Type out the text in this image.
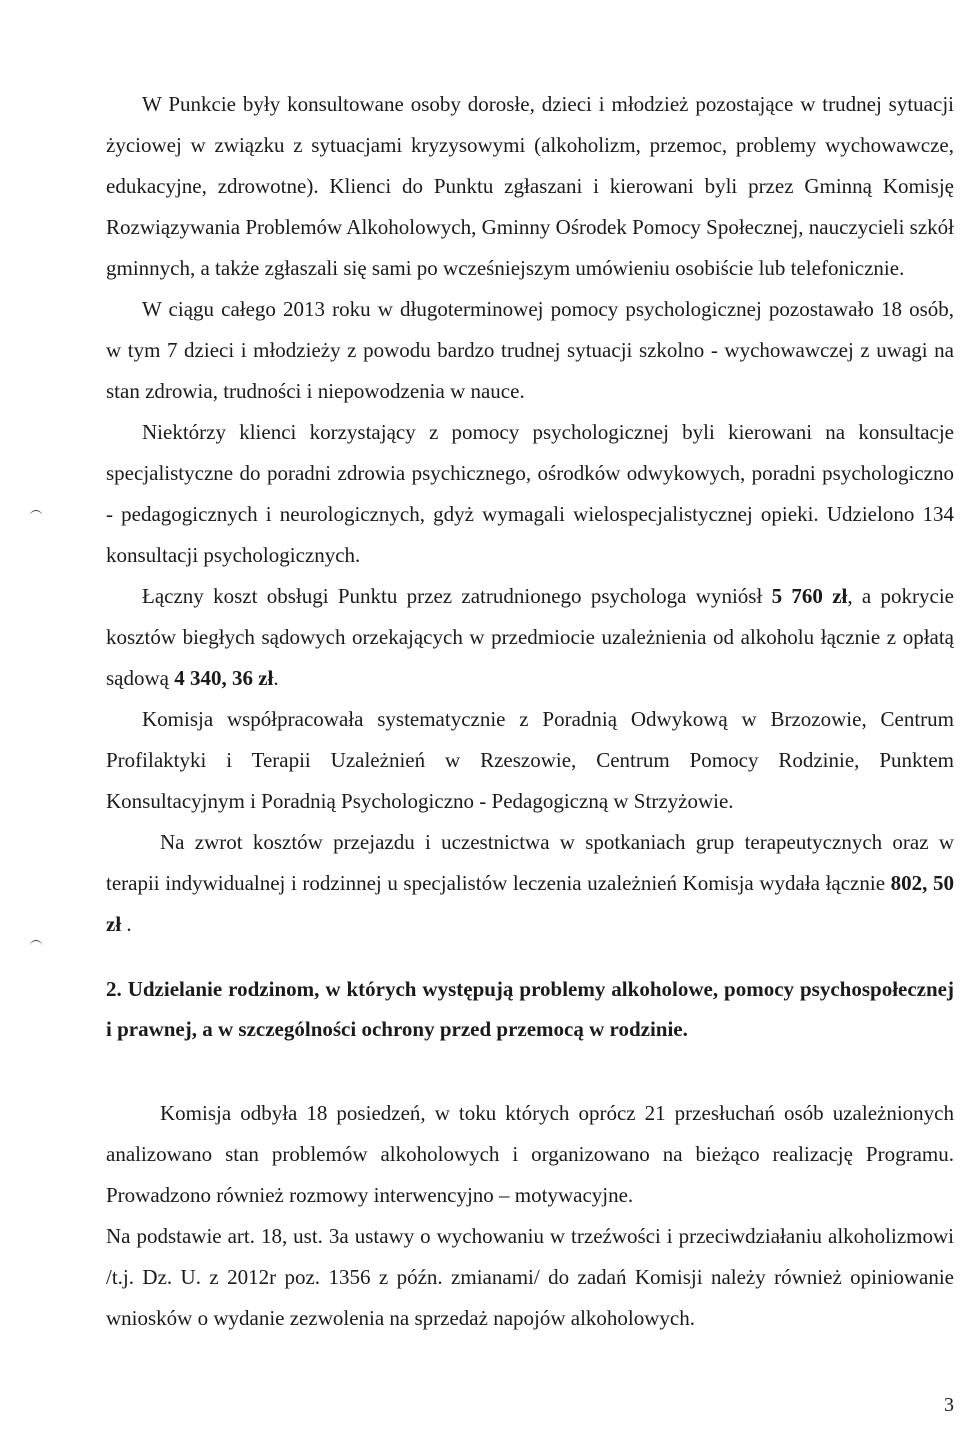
W Punkcie były konsultowane osoby dorosłe, dzieci i młodzież pozostające w trudnej sytuacji życiowej w związku z sytuacjami kryzysowymi (alkoholizm, przemoc, problemy wychowawcze, edukacyjne, zdrowotne). Klienci do Punktu zgłaszani i kierowani byli przez Gminną Komisję Rozwiązywania Problemów Alkoholowych, Gminny Ośrodek Pomocy Społecznej, nauczycieli szkół gminnych, a także zgłaszali się sami po wcześniejszym umówieniu osobiście lub telefonicznie.

W ciągu całego 2013 roku w długoterminowej pomocy psychologicznej pozostawało 18 osób, w tym 7 dzieci i młodzieży z powodu bardzo trudnej sytuacji szkolno - wychowawczej z uwagi na stan zdrowia, trudności i niepowodzenia w nauce.

Niektórzy klienci korzystający z pomocy psychologicznej byli kierowani na konsultacje specjalistyczne do poradni zdrowia psychicznego, ośrodków odwykowych, poradni psychologiczno - pedagogicznych i neurologicznych, gdyż wymagali wielospecjalistycznej opieki. Udzielono 134 konsultacji psychologicznych.

Łączny koszt obsługi Punktu przez zatrudnionego psychologa wyniósł 5 760 zł, a pokrycie kosztów biegłych sądowych orzekających w przedmiocie uzależnienia od alkoholu łącznie z opłatą sądową 4 340, 36 zł.

Komisja współpracowała systematycznie z Poradnią Odwykową w Brzozowie, Centrum Profilaktyki i Terapii Uzależnień w Rzeszowie, Centrum Pomocy Rodzinie, Punktem Konsultacyjnym i Poradnią Psychologiczno - Pedagogiczną w Strzyżowie.

Na zwrot kosztów przejazdu i uczestnictwa w spotkaniach grup terapeutycznych oraz w terapii indywidualnej i rodzinnej u specjalistów leczenia uzależnień Komisja wydała łącznie 802, 50 zł .

2. Udzielanie rodzinom, w których występują problemy alkoholowe, pomocy psychospołecznej i prawnej, a w szczególności ochrony przed przemocą w rodzinie.

Komisja odbyła 18 posiedzeń, w toku których oprócz 21 przesłuchań osób uzależnionych analizowano stan problemów alkoholowych i organizowano na bieżąco realizację Programu. Prowadzono również rozmowy interwencyjno – motywacyjne.

Na podstawie art. 18, ust. 3a ustawy o wychowaniu w trzeźwości i przeciwdziałaniu alkoholizmowi /t.j. Dz. U. z 2012r poz. 1356 z późn. zmianami/ do zadań Komisji należy również opiniowanie wniosków o wydanie zezwolenia na sprzedaż napojów alkoholowych.

3
